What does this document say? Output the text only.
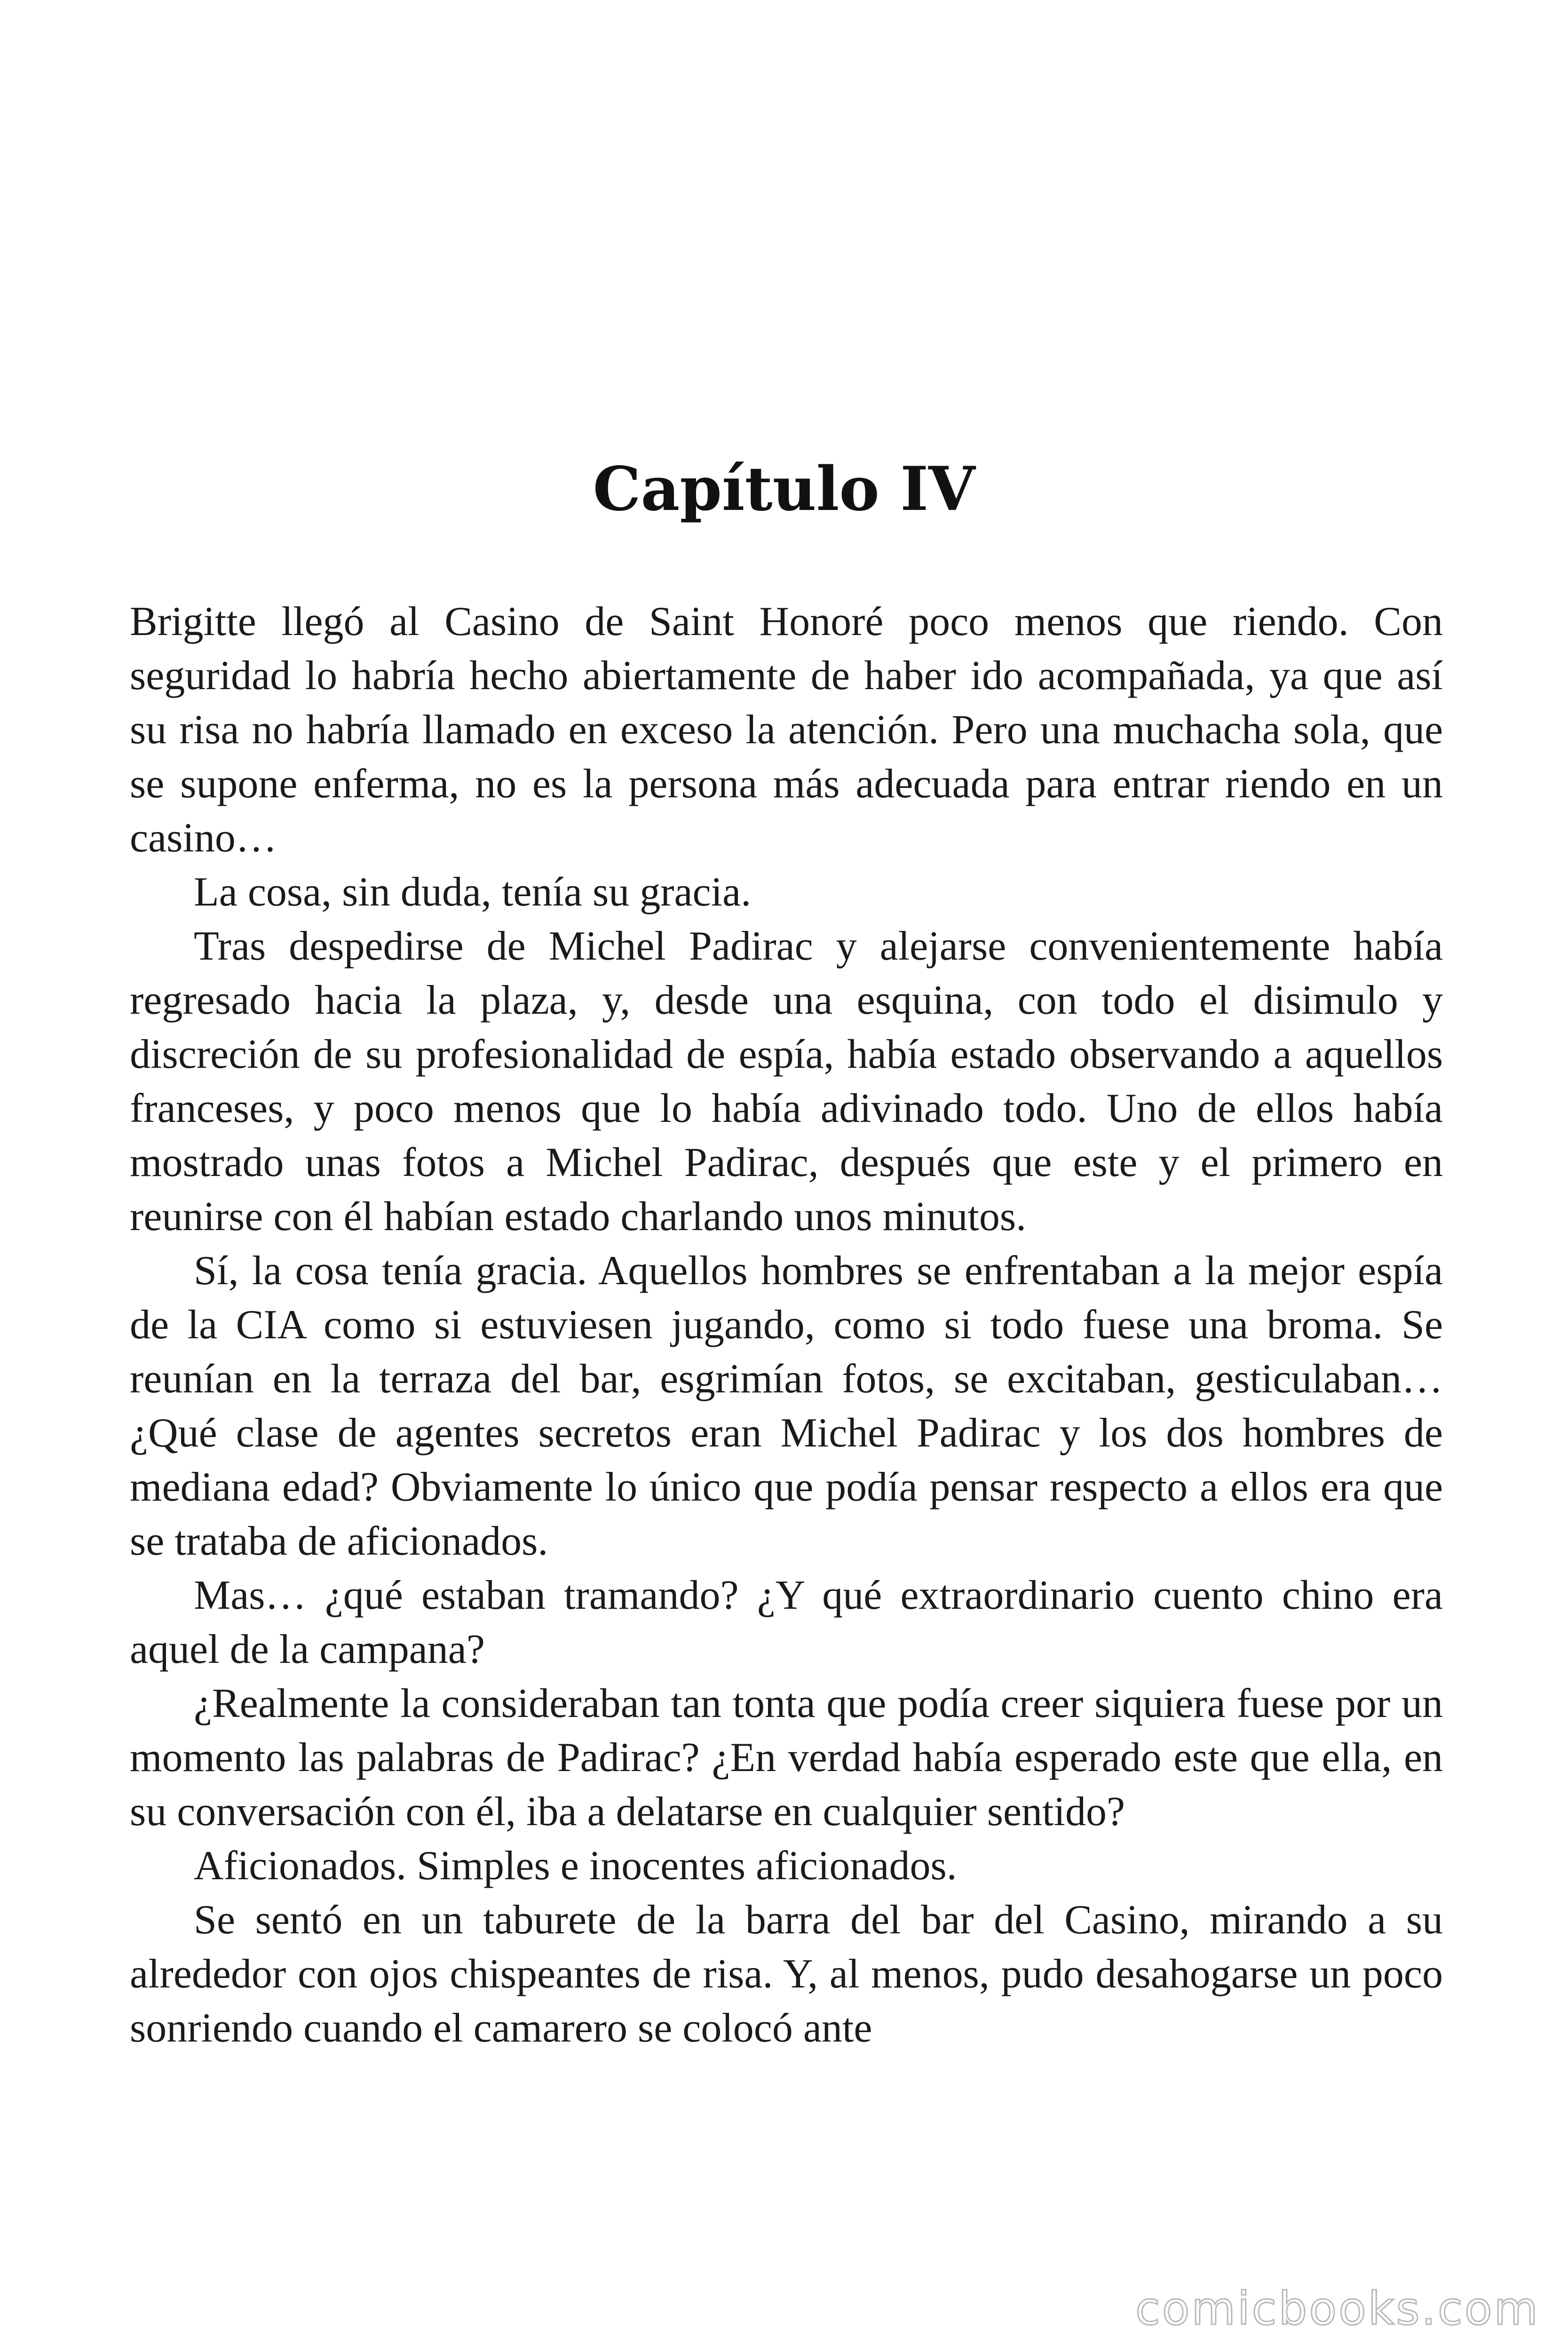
Capítulo IV

Brigitte llegó al Casino de Saint Honoré poco menos que riendo. Con seguridad lo habría hecho abiertamente de haber ido acompañada, ya que así su risa no habría llamado en exceso la atención. Pero una muchacha sola, que se supone enferma, no es la persona más adecuada para entrar riendo en un casino…

La cosa, sin duda, tenía su gracia.

Tras despedirse de Michel Padirac y alejarse convenientemente había regresado hacia la plaza, y, desde una esquina, con todo el disimulo y discreción de su profesionalidad de espía, había estado observando a aquellos franceses, y poco menos que lo había adivinado todo. Uno de ellos había mostrado unas fotos a Michel Padirac, después que este y el primero en reunirse con él habían estado charlando unos minutos.

Sí, la cosa tenía gracia. Aquellos hombres se enfrentaban a la mejor espía de la CIA como si estuviesen jugando, como si todo fuese una broma. Se reunían en la terraza del bar, esgrimían fotos, se excitaban, gesticulaban… ¿Qué clase de agentes secretos eran Michel Padirac y los dos hombres de mediana edad? Obviamente lo único que podía pensar respecto a ellos era que se trataba de aficionados.

Mas… ¿qué estaban tramando? ¿Y qué extraordinario cuento chino era aquel de la campana?

¿Realmente la consideraban tan tonta que podía creer siquiera fuese por un momento las palabras de Padirac? ¿En verdad había esperado este que ella, en su conversación con él, iba a delatarse en cualquier sentido?

Aficionados. Simples e inocentes aficionados.

Se sentó en un taburete de la barra del bar del Casino, mirando a su alrededor con ojos chispeantes de risa. Y, al menos, pudo desahogarse un poco sonriendo cuando el camarero se colocó ante

comicbooks.com
